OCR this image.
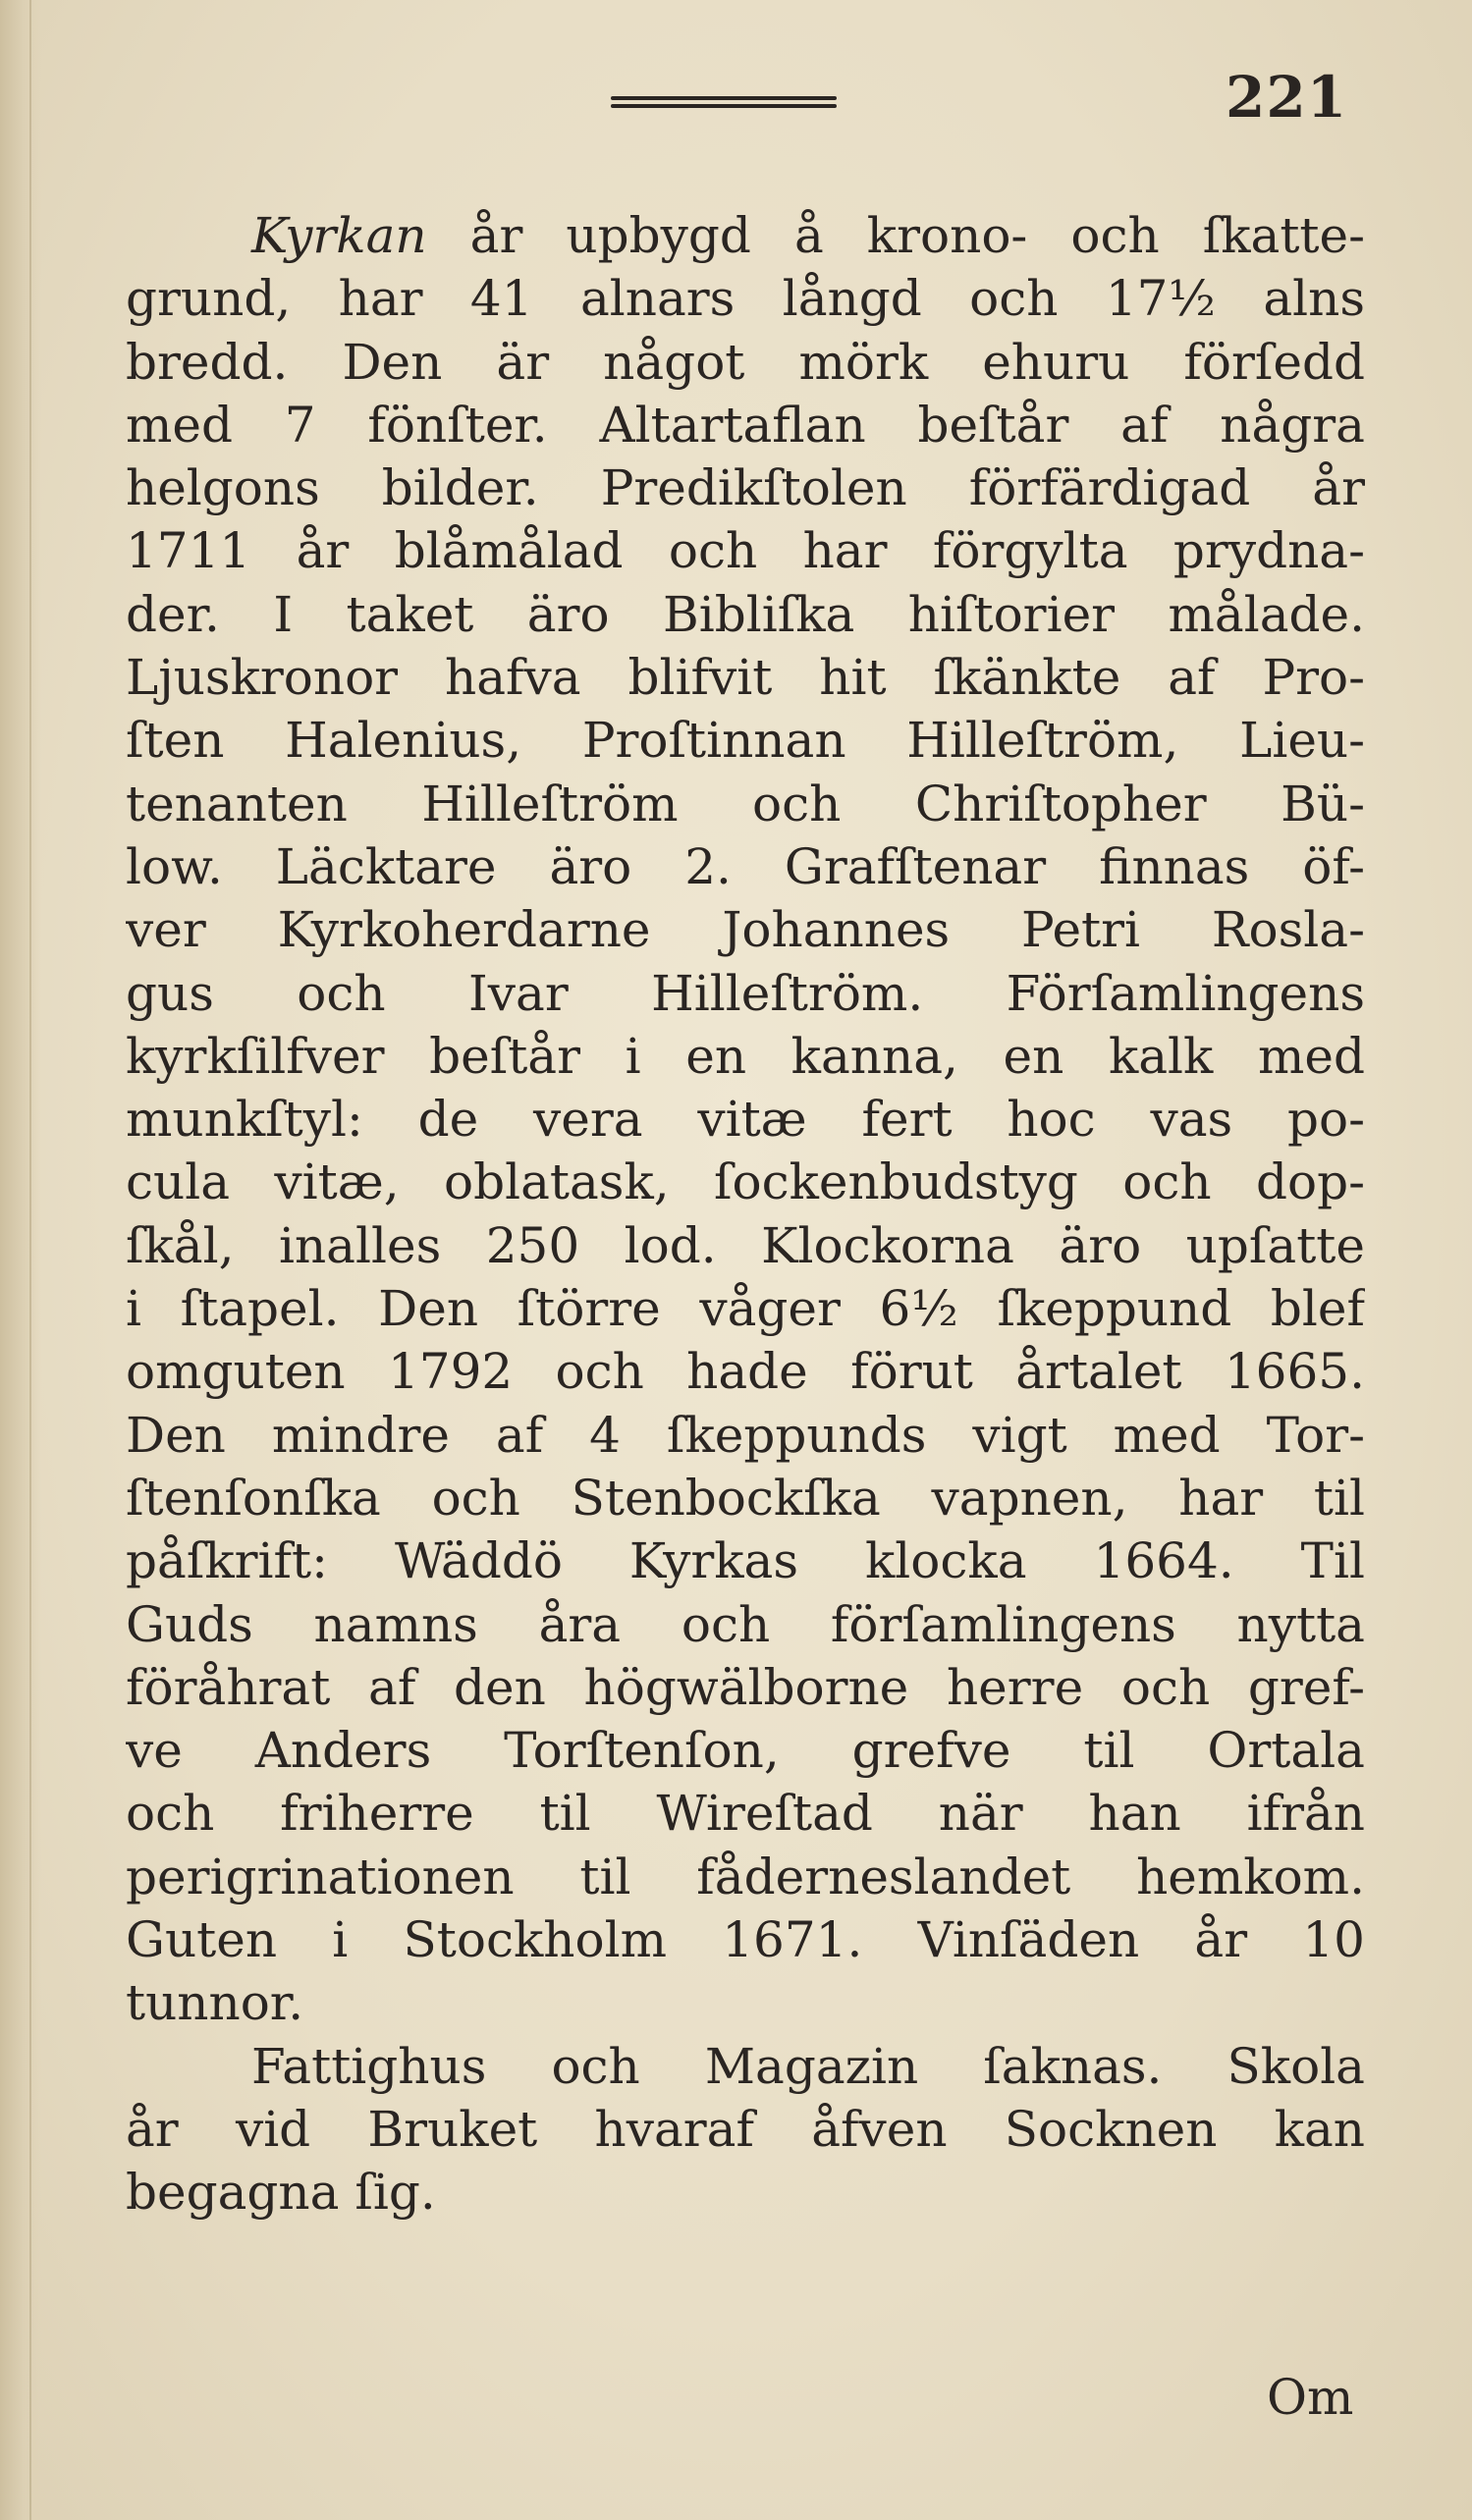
221

Kyrkan år upbygd å krono- och ſkatte-
grund, har 41 alnars långd och 17½ alns
bredd. Den är något mörk ehuru förſedd
med 7 fönſter. Altartaflan beſtår af några
helgons bilder. Predikſtolen förfärdigad år
1711 år blåmålad och har förgylta prydna-
der. I taket äro Bibliſka hiſtorier målade.
Ljuskronor hafva blifvit hit ſkänkte af Pro-
ſten Halenius, Proſtinnan Hilleſtröm, Lieu-
tenanten Hilleſtröm och Chriſtopher Bü-
low. Läcktare äro 2. Grafſtenar finnas öf-
ver Kyrkoherdarne Johannes Petri Rosla-
gus och Ivar Hilleſtröm. Förſamlingens
kyrkſilfver beſtår i en kanna, en kalk med
munkſtyl: de vera vitæ fert hoc vas po-
cula vitæ, oblatask, ſockenbudstyg och dop-
ſkål, inalles 250 lod. Klockorna äro upſatte
i ſtapel. Den ſtörre våger 6½ ſkeppund blef
omguten 1792 och hade förut årtalet 1665.
Den mindre af 4 ſkeppunds vigt med Tor-
ſtenſonſka och Stenbockſka vapnen, har til
påſkrift: Wäddö Kyrkas klocka 1664. Til
Guds namns åra och förſamlingens nytta
föråhrat af den högwälborne herre och gref-
ve Anders Torſtenſon, grefve til Ortala
och friherre til Wireſtad när han ifrån
perigrinationen til fåderneslandet hemkom.
Guten i Stockholm 1671. Vinſäden år 10
tunnor.
Fattighus och Magazin ſaknas. Skola
år vid Bruket hvaraf åfven Socknen kan
begagna ſig.

Om
